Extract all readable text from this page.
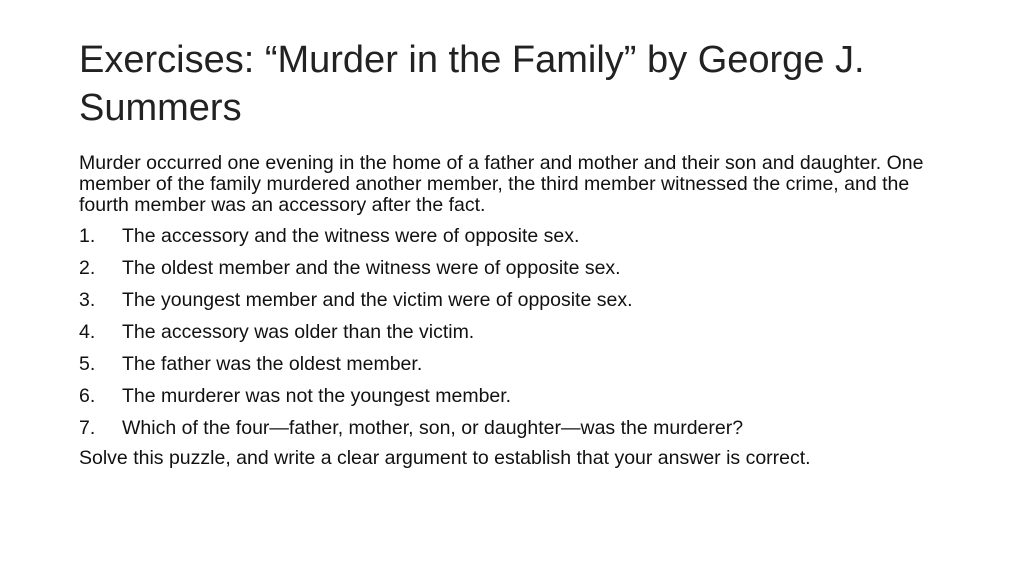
Exercises: “Murder in the Family” by George J. Summers

Murder occurred one evening in the home of a father and mother and their son and daughter. One member of the family murdered another member, the third member witnessed the crime, and the fourth member was an accessory after the fact.

1.	The accessory and the witness were of opposite sex.
2.	The oldest member and the witness were of opposite sex.
3.	The youngest member and the victim were of opposite sex.
4.	The accessory was older than the victim.
5.	The father was the oldest member.
6.	The murderer was not the youngest member.
7.	Which of the four—father, mother, son, or daughter—was the murderer?

Solve this puzzle, and write a clear argument to establish that your answer is correct.
